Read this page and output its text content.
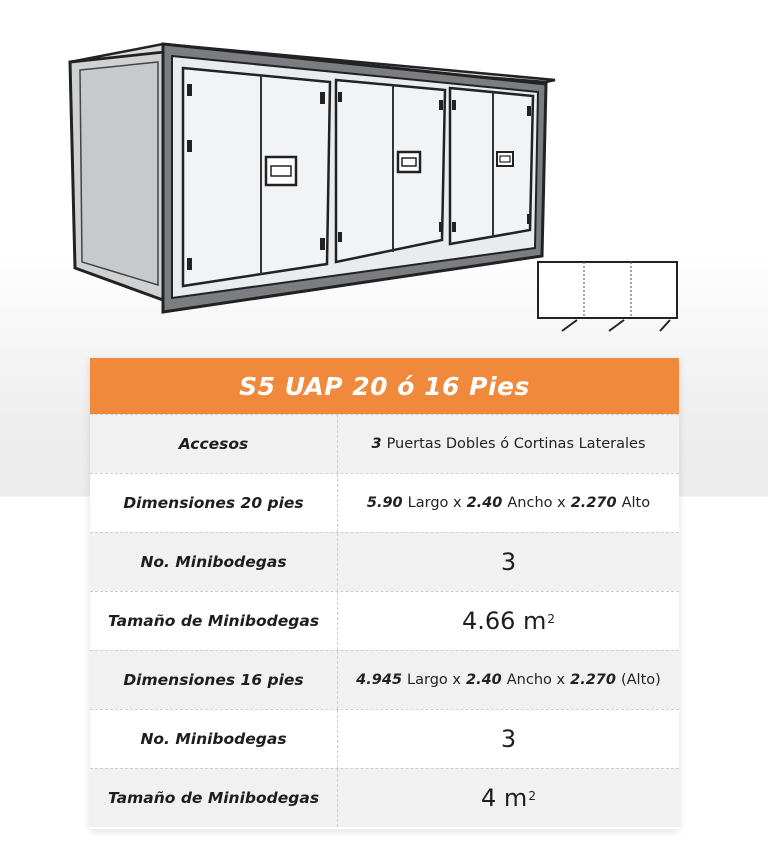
S5 UAP 20 ó 16 Pies
Accesos	3 Puertas Dobles ó Cortinas Laterales
Dimensiones 20 pies	5.90 Largo x 2.40 Ancho x 2.270 Alto
No. Minibodegas	3
Tamaño de Minibodegas	4.66 $m^2$
Dimensiones 16 pies	4.945 Largo x 2.40 Ancho x 2.270 (Alto)
No. Minibodegas	3
Tamaño de Minibodegas	4 $m^2$
